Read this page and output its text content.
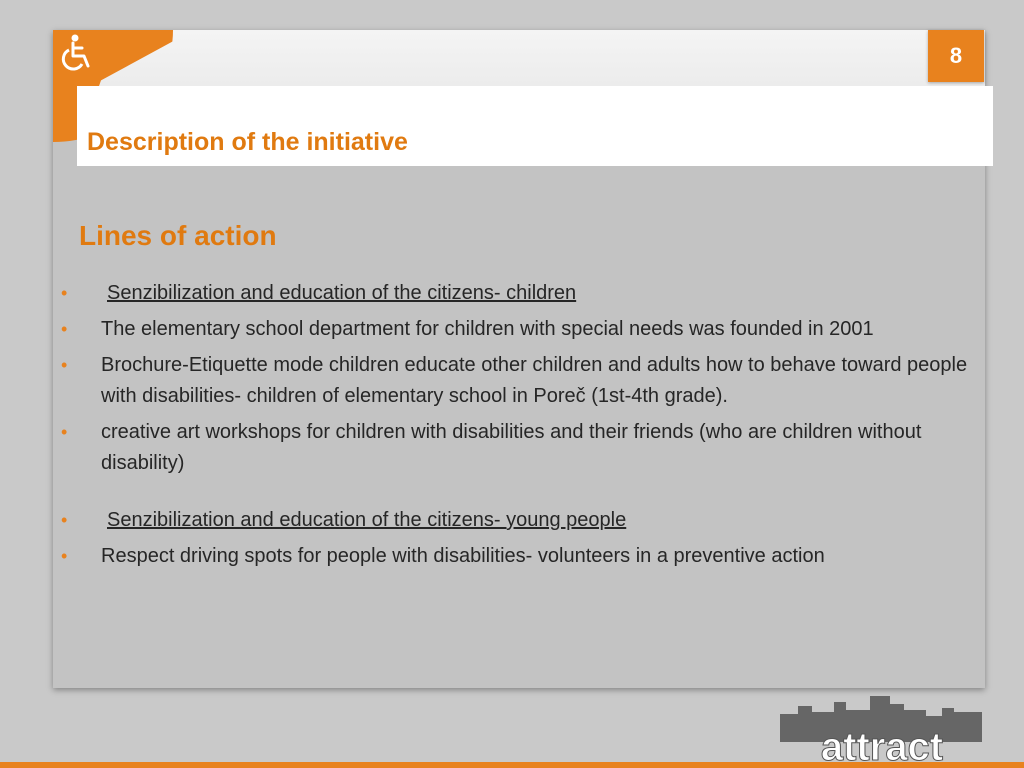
Description of the initiative
8
Lines of action
• Senzibilization and education of the citizens- children
• The elementary school department for children with special needs was founded in 2001
• Brochure-Etiquette mode children educate other children and adults how to behave toward people with disabilities- children of elementary school in Poreč (1st-4th grade).
• creative art workshops for children with disabilities and their friends (who are children without disability)
• Senzibilization and education of the citizens- young people
• Respect driving spots for people with disabilities- volunteers in a preventive action
attract
